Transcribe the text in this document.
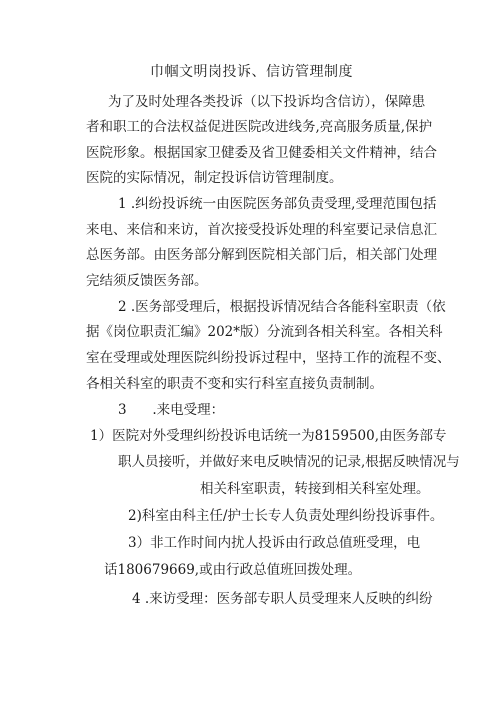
巾帼文明岗投诉、信访管理制度
为了及时处理各类投诉（以下投诉均含信访），保障患
者和职工的合法权益促进医院改进线务,亮高服务质量,保护
医院形象。根据国家卫健委及省卫健委相关文件精神，结合
医院的实际情况，制定投诉信访管理制度。
1 .纠纷投诉统一由医院医务部负责受理,受理范围包括
来电、来信和来访，首次接受投诉处理的科室要记录信息汇
总医务部。由医务部分解到医院相关部门后，相关部门处理
完结须反馈医务部。
2 .医务部受理后，根据投诉情况结合各能科室职责（依
据《岗位职责汇编》202*版）分流到各相关科室。各相关科
室在受理或处理医院纠纷投诉过程中，坚持工作的流程不变、
各相关科室的职责不变和实行科室直接负责制制。
3      .来电受理：
1）医院对外受理纠纷投诉电话统一为8159500,由医务部专
职人员接听，并做好来电反映情况的记录,根据反映情况与
相关科室职责，转接到相关科室处理。
2)科室由科主任/护士长专人负责处理纠纷投诉事件。
3）非工作时间内扰人投诉由行政总值班受理，电
话180679669,或由行政总值班回拨处理。
4 .来访受理：医务部专职人员受理来人反映的纠纷
